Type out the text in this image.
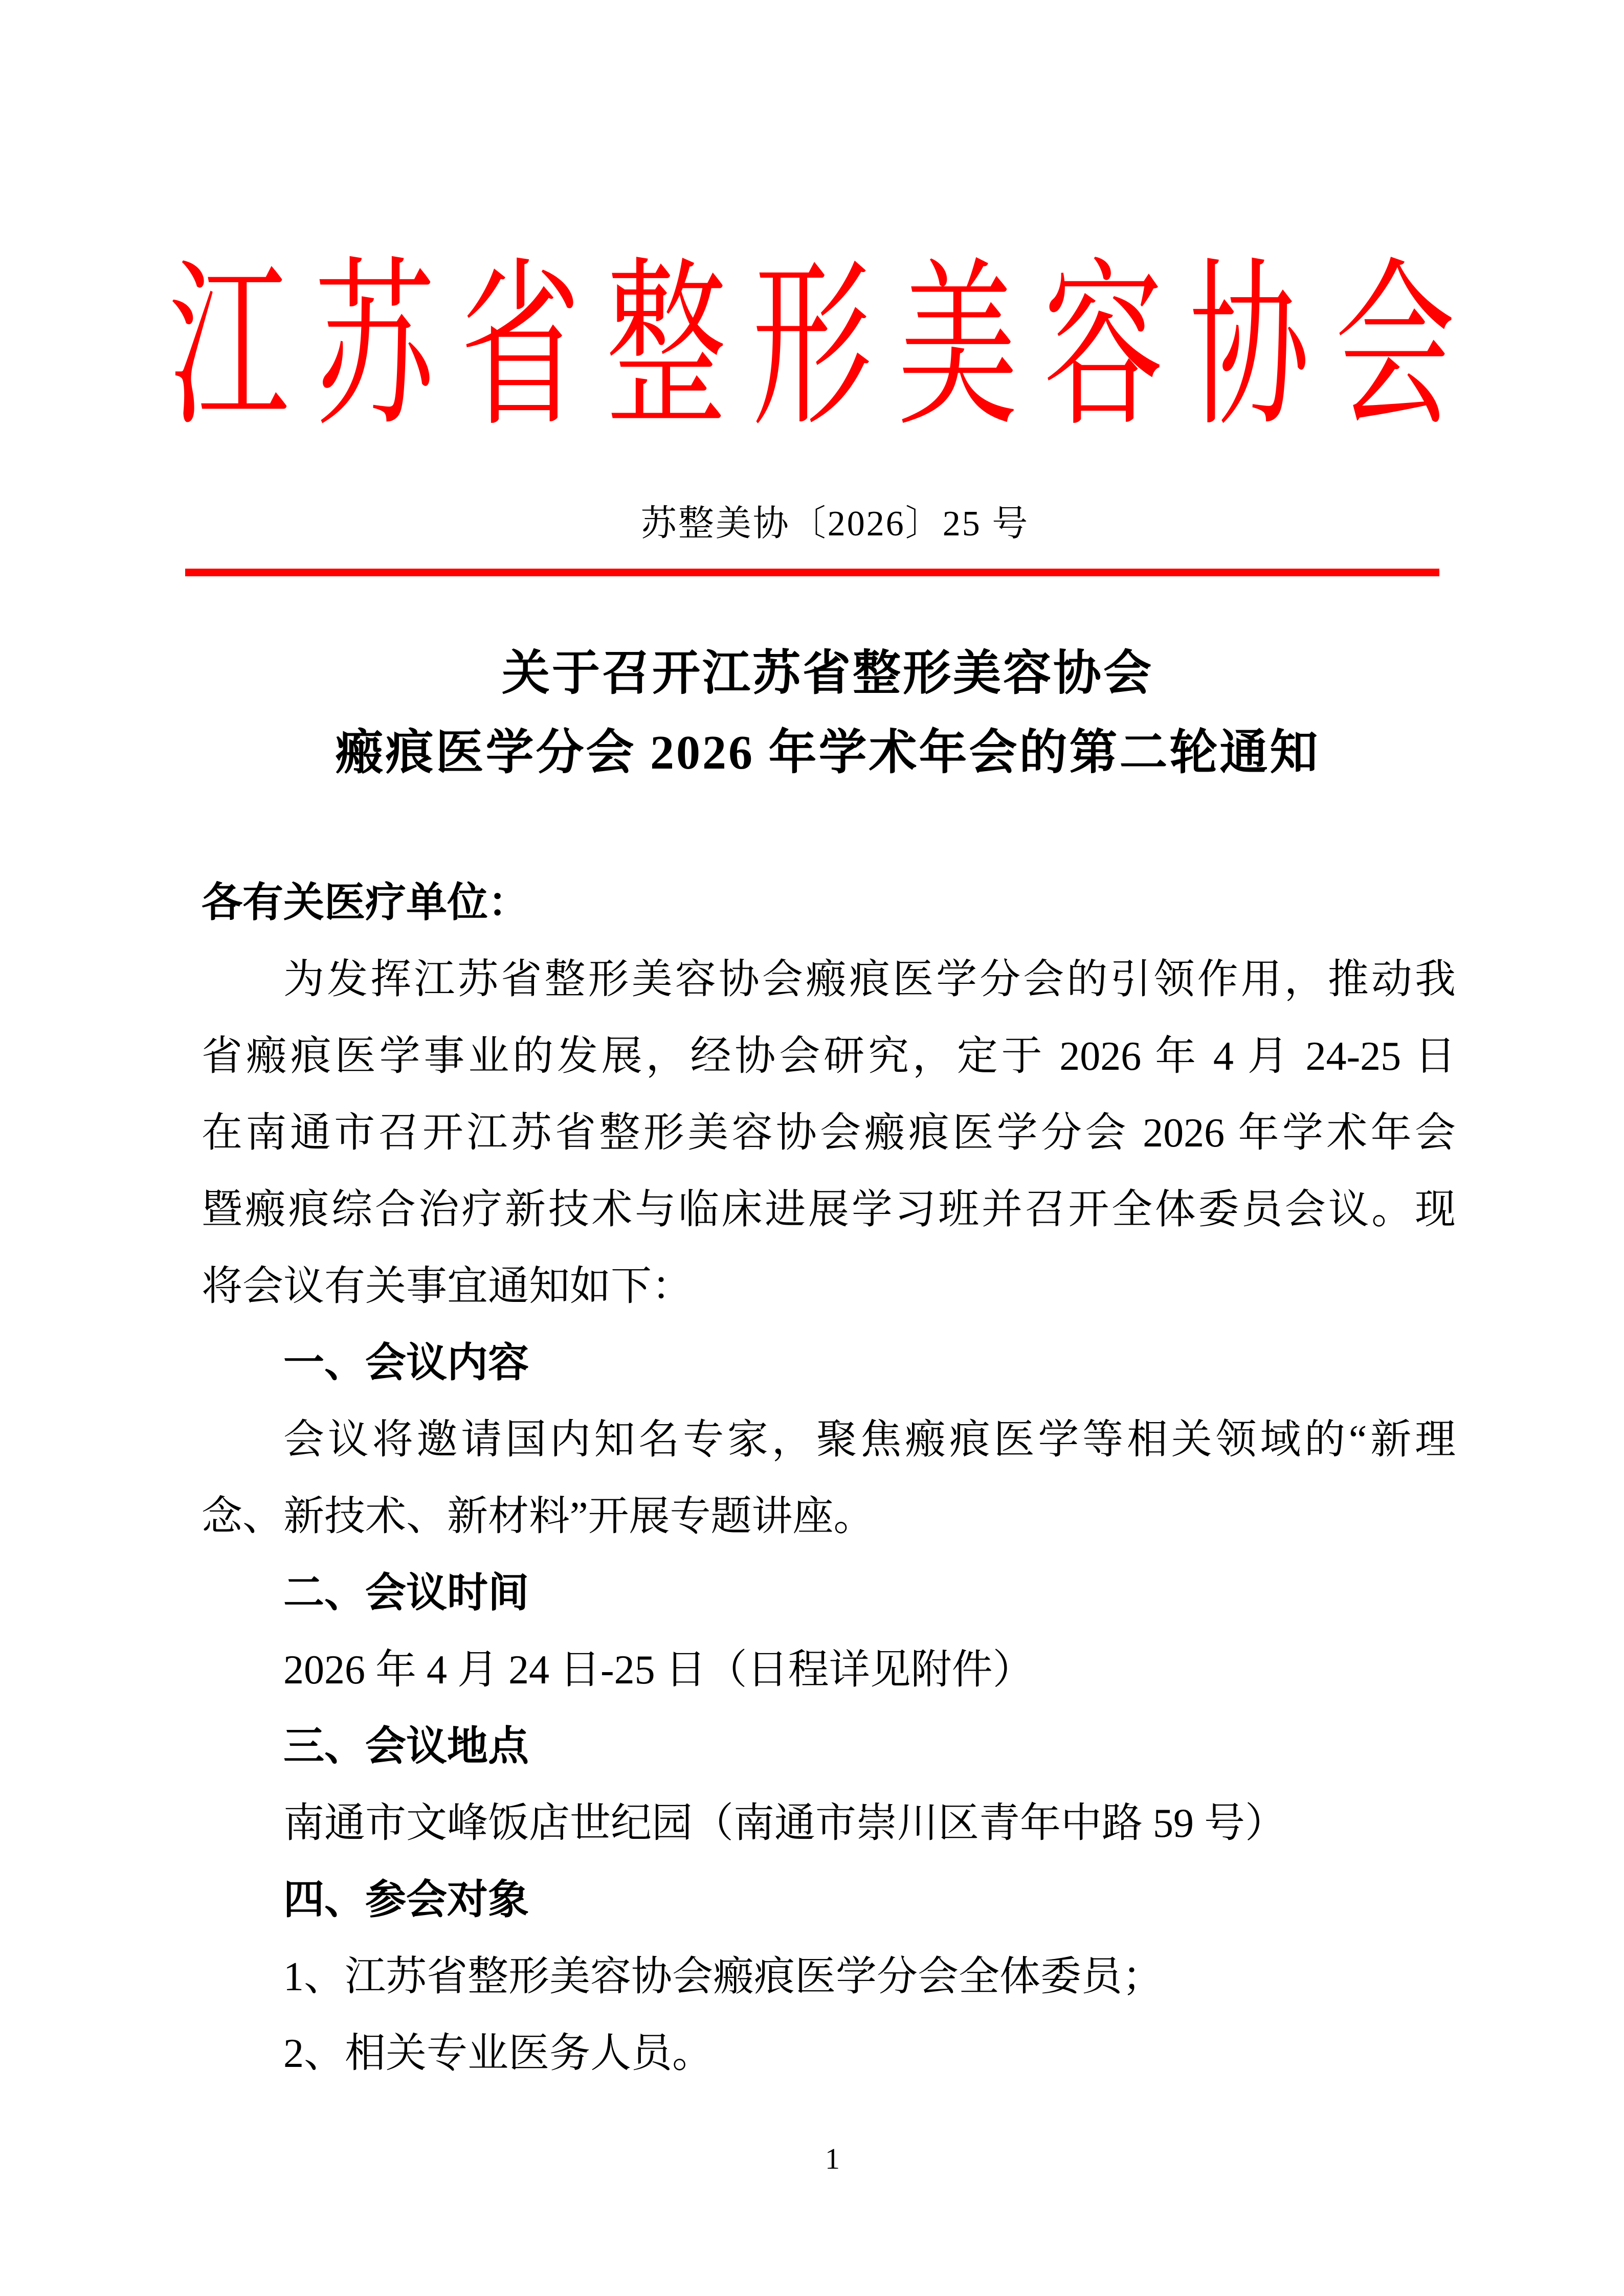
江苏省整形美容协会
苏整美协〔2026〕25 号
关于召开江苏省整形美容协会
瘢痕医学分会 2026 年学术年会的第二轮通知
各有关医疗单位：
为发挥江苏省整形美容协会瘢痕医学分会的引领作用，推动我
省瘢痕医学事业的发展，经协会研究，定于 2026 年 4 月 24-25 日
在南通市召开江苏省整形美容协会瘢痕医学分会 2026 年学术年会
暨瘢痕综合治疗新技术与临床进展学习班并召开全体委员会议。现
将会议有关事宜通知如下：
一、会议内容
会议将邀请国内知名专家，聚焦瘢痕医学等相关领域的“新理
念、新技术、新材料”开展专题讲座。
二、会议时间
2026 年 4 月 24 日-25 日（日程详见附件）
三、会议地点
南通市文峰饭店世纪园（南通市崇川区青年中路 59 号）
四、参会对象
1、江苏省整形美容协会瘢痕医学分会全体委员；
2、相关专业医务人员。
1
